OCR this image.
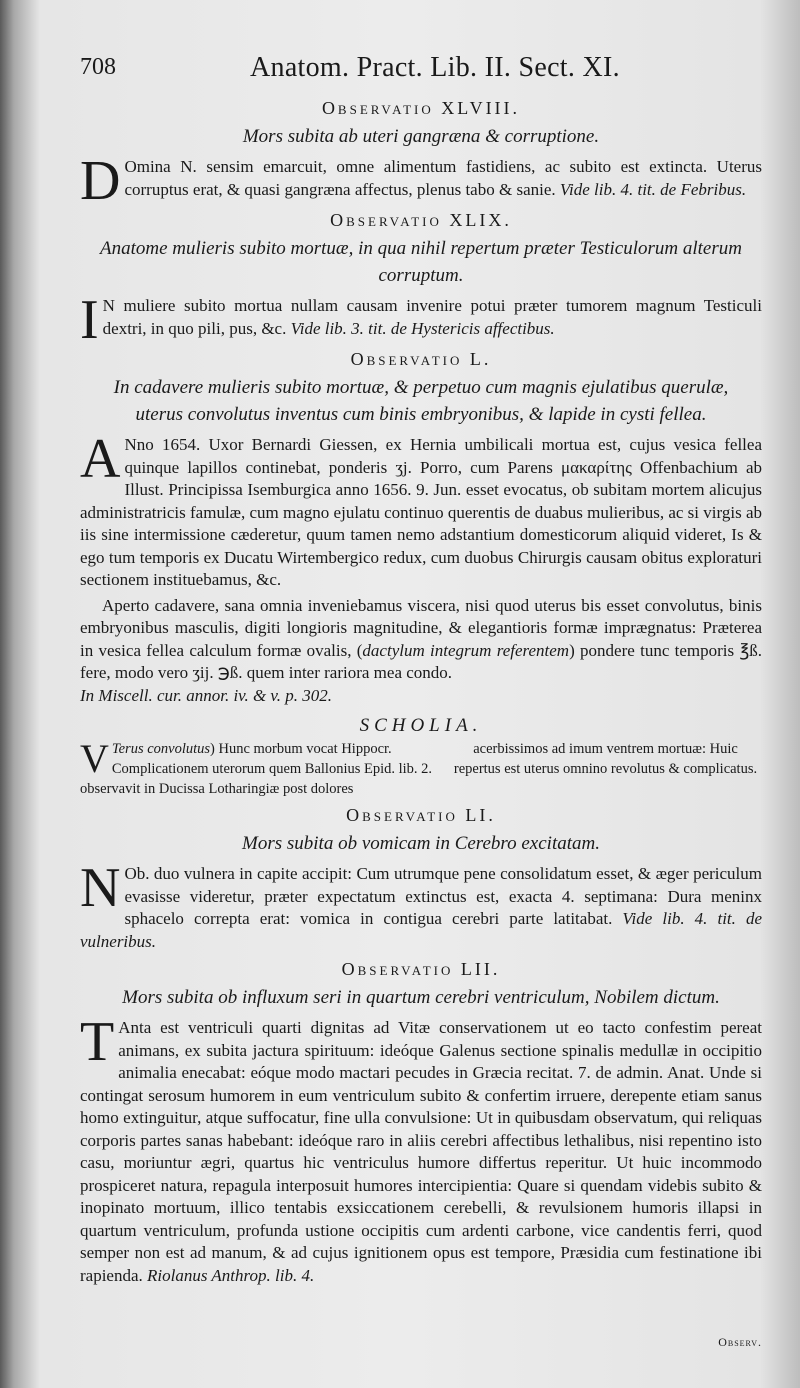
708	Anatom. Pract. Lib. II. Sect. XI.
Observatio XLVIII.
Mors subita ab uteri gangræna & corruptione.

D Omina N. sensim emarcuit, omne alimentum fastidiens, ac subito est extincta. Uterus corruptus erat, & quasi gangræna affectus, plenus tabo & sanie. Vide lib. 4. tit. de Febribus.

Observatio XLIX.
Anatome mulieris subito mortuæ, in qua nihil repertum præter Testiculorum alterum corruptum.

I N muliere subito mortua nullam causam invenire potui præter tumorem magnum Testiculi dextri, in quo pili, pus, &c. Vide lib. 3. tit. de Hystericis affectibus.

Observatio L.
In cadavere mulieris subito mortuæ, & perpetuo cum magnis ejulatibus querulæ, uterus convolutus inventus cum binis embryonibus, & lapide in cysti fellea.

A Nno 1654. Uxor Bernardi Giessen, ex Hernia umbilicali mortua est, cujus vesica fellea quinque lapillos continebat, ponderis ʒj. Porro, cum Parens μακαρίτης Offenbachium ab Illust. Principissa Isemburgica anno 1656. 9. Jun. esset evocatus, ob subitam mortem alicujus administratricis famulæ, cum magno ejulatu continuo querentis de duabus mulieribus, ac si virgis ab iis sine intermissione cæderetur, quum tamen nemo adstantium domesticorum aliquid videret, Is & ego tum temporis ex Ducatu Wirtembergico redux, cum duobus Chirurgis causam obitus exploraturi sectionem instituebamus, &c.

Aperto cadavere, sana omnia inveniebamus viscera, nisi quod uterus bis esset convolutus, binis embryonibus masculis, digiti longioris magnitudine, & elegantioris formæ imprægnatus: Præterea in vesica fellea calculum formæ ovalis, (dactylum integrum referentem) pondere tunc temporis ℥ß. fere, modo vero ʒij. ℈ß. quem inter rariora mea condo.
In Miscell. cur. annor. iv. & v. p. 302.

SCHOLIA.
V Terus convolutus) Hunc morbum vocat Hippocr. Complicationem uterorum quem Ballonius Epid. lib. 2. observavit in Ducissa Lotharingiæ post dolores
acerbissimos ad imum ventrem mortuæ: Huic repertus est uterus omnino revolutus & complicatus.
Observatio LI.
Mors subita ob vomicam in Cerebro excitatam.

N Ob. duo vulnera in capite accipit: Cum utrumque pene consolidatum esset, & æger periculum evasisse videretur, præter expectatum extinctus est, exacta 4. septimana: Dura meninx sphacelo correpta erat: vomica in contigua cerebri parte latitabat. Vide lib. 4. tit. de vulneribus.

Observatio LII.
Mors subita ob influxum seri in quartum cerebri ventriculum, Nobilem dictum.

T Anta est ventriculi quarti dignitas ad Vitæ conservationem ut eo tacto confestim pereat animans, ex subita jactura spirituum: ideóque Galenus sectione spinalis medullæ in occipitio animalia enecabat: eóque modo mactari pecudes in Græcia recitat. 7. de admin. Anat. Unde si contingat serosum humorem in eum ventriculum subito & confertim irruere, derepente etiam sanus homo extinguitur, atque suffocatur, fine ulla convulsione: Ut in quibusdam observatum, qui reliquas corporis partes sanas habebant: ideóque raro in aliis cerebri affectibus lethalibus, nisi repentino isto casu, moriuntur ægri, quartus hic ventriculus humore differtus reperitur. Ut huic incommodo prospiceret natura, repagula interposuit humores intercipientia: Quare si quendam videbis subito & inopinato mortuum, illico tentabis exsiccationem cerebelli, & revulsionem humoris illapsi in quartum ventriculum, profunda ustione occipitis cum ardenti carbone, vice candentis ferri, quod semper non est ad manum, & ad cujus ignitionem opus est tempore, Præsidia cum festinatione ibi rapienda. Riolanus Anthrop. lib. 4.

Observ.
